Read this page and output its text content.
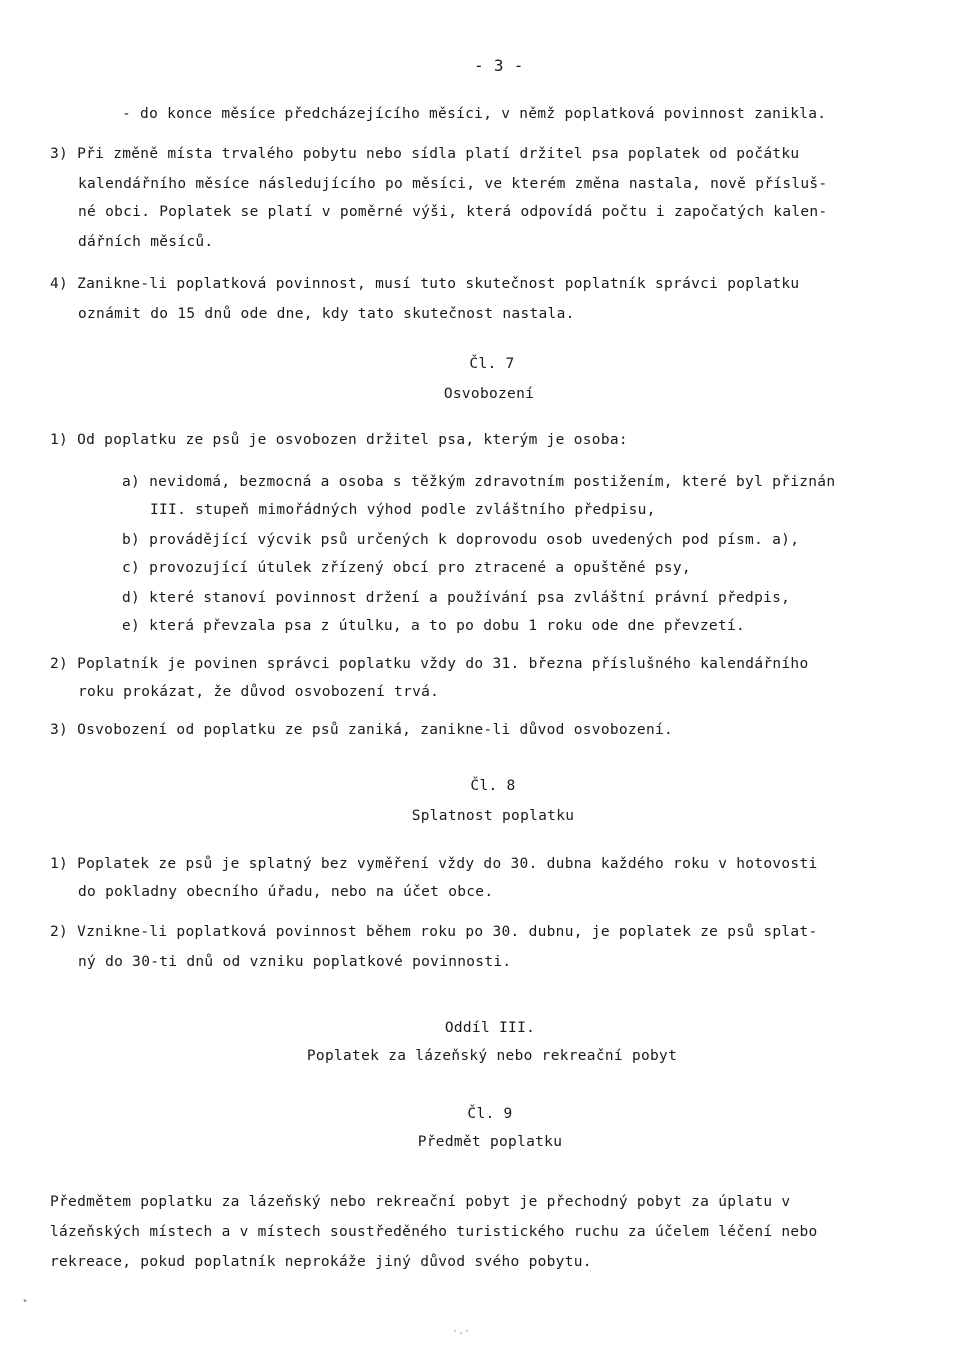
- 3 -
- do konce měsíce předcházejícího měsíci, v němž poplatková povinnost zanikla.
3) Při změně místa trvalého pobytu nebo sídla platí držitel psa poplatek od počátku
kalendářního měsíce následujícího po měsíci, ve kterém změna nastala, nově přísluš-
né obci. Poplatek se platí v poměrné výši, která odpovídá počtu i započatých kalen-
dářních měsíců.
4) Zanikne-li poplatková povinnost, musí tuto skutečnost poplatník správci poplatku
oznámit do 15 dnů ode dne, kdy tato skutečnost nastala.
Čl. 7
Osvobození
1) Od poplatku ze psů je osvobozen držitel psa, kterým je osoba:
a) nevidomá, bezmocná a osoba s těžkým zdravotním postižením, které byl přiznán
III. stupeň mimořádných výhod podle zvláštního předpisu,
b) provádějící výcvik psů určených k doprovodu osob uvedených pod písm. a),
c) provozující útulek zřízený obcí pro ztracené a opuštěné psy,
d) které stanoví povinnost držení a používání psa zvláštní právní předpis,
e) která převzala psa z útulku, a to po dobu 1 roku ode dne převzetí.
2) Poplatník je povinen správci poplatku vždy do 31. března příslušného kalendářního
roku prokázat, že důvod osvobození trvá.
3) Osvobození od poplatku ze psů zaniká, zanikne-li důvod osvobození.
Čl. 8
Splatnost poplatku
1) Poplatek ze psů je splatný bez vyměření vždy do 30. dubna každého roku v hotovosti
do pokladny obecního úřadu, nebo na účet obce.
2) Vznikne-li poplatková povinnost během roku po 30. dubnu, je poplatek ze psů splat-
ný do 30-ti dnů od vzniku poplatkové povinnosti.
Oddíl III.
Poplatek za lázeňský nebo rekreační pobyt
Čl. 9
Předmět poplatku
Předmětem poplatku za lázeňský nebo rekreační pobyt je přechodný pobyt za úplatu v
lázeňských místech a v místech soustředěného turistického ruchu za účelem léčení nebo
rekreace, pokud poplatník neprokáže jiný důvod svého pobytu.
•
·.·
